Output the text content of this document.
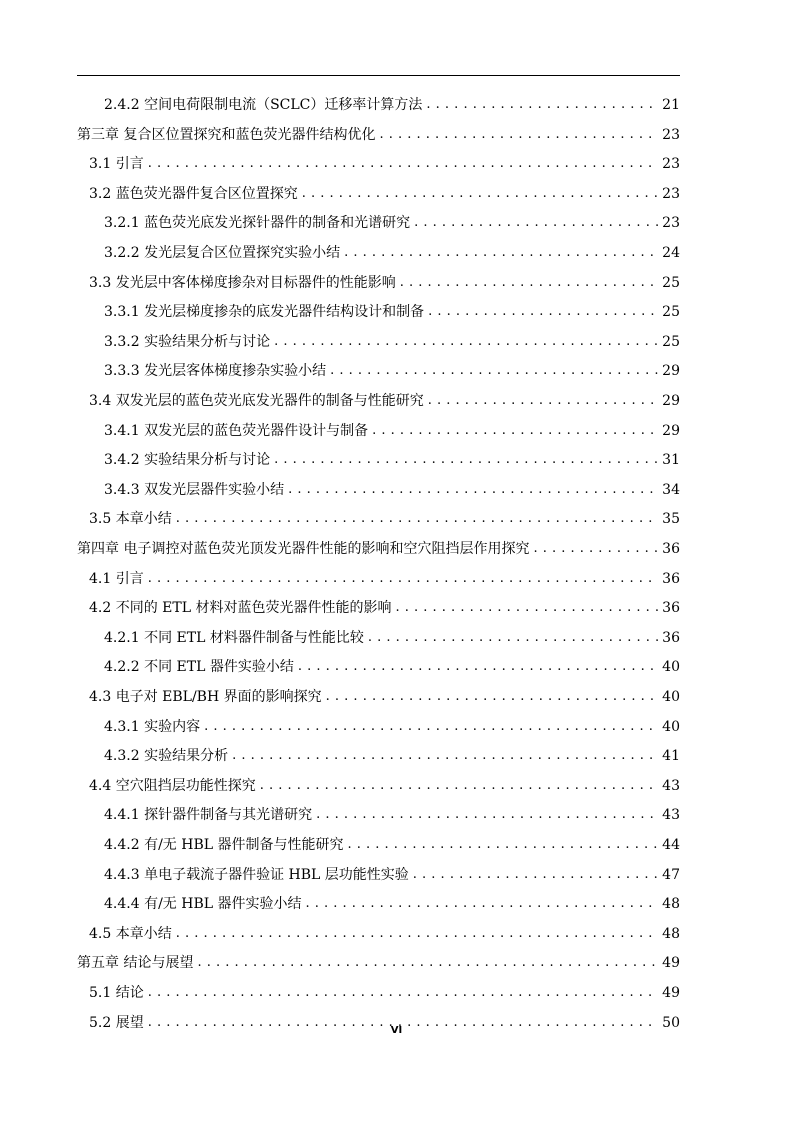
2.4.2 空间电荷限制电流（SCLC）迁移率计算方法 . . .	21
第三章 复合区位置探究和蓝色荧光器件结构优化 . . .	23
3.1 引言 . . .	23
3.2 蓝色荧光器件复合区位置探究 . . .	23
3.2.1 蓝色荧光底发光探针器件的制备和光谱研究 . . .	23
3.2.2 发光层复合区位置探究实验小结 . . .	24
3.3 发光层中客体梯度掺杂对目标器件的性能影响 . . .	25
3.3.1 发光层梯度掺杂的底发光器件结构设计和制备 . . .	25
3.3.2 实验结果分析与讨论 . . .	25
3.3.3 发光层客体梯度掺杂实验小结 . . .	29
3.4 双发光层的蓝色荧光底发光器件的制备与性能研究 . . .	29
3.4.1 双发光层的蓝色荧光器件设计与制备 . . .	29
3.4.2 实验结果分析与讨论 . . .	31
3.4.3 双发光层器件实验小结 . . .	34
3.5 本章小结 . . .	35
第四章 电子调控对蓝色荧光顶发光器件性能的影响和空穴阻挡层作用探究 . . .	36
4.1 引言 . . .	36
4.2 不同的 ETL 材料对蓝色荧光器件性能的影响 . . .	36
4.2.1 不同 ETL 材料器件制备与性能比较 . . .	36
4.2.2 不同 ETL 器件实验小结 . . .	40
4.3 电子对 EBL/BH 界面的影响探究 . . .	40
4.3.1 实验内容 . . .	40
4.3.2 实验结果分析 . . .	41
4.4 空穴阻挡层功能性探究 . . .	43
4.4.1 探针器件制备与其光谱研究 . . .	43
4.4.2 有/无 HBL 器件制备与性能研究 . . .	44
4.4.3 单电子载流子器件验证 HBL 层功能性实验 . . .	47
4.4.4 有/无 HBL 器件实验小结 . . .	48
4.5 本章小结 . . .	48
第五章 结论与展望 . . .	49
5.1 结论 . . .	49
5.2 展望 . . .	50
VI
